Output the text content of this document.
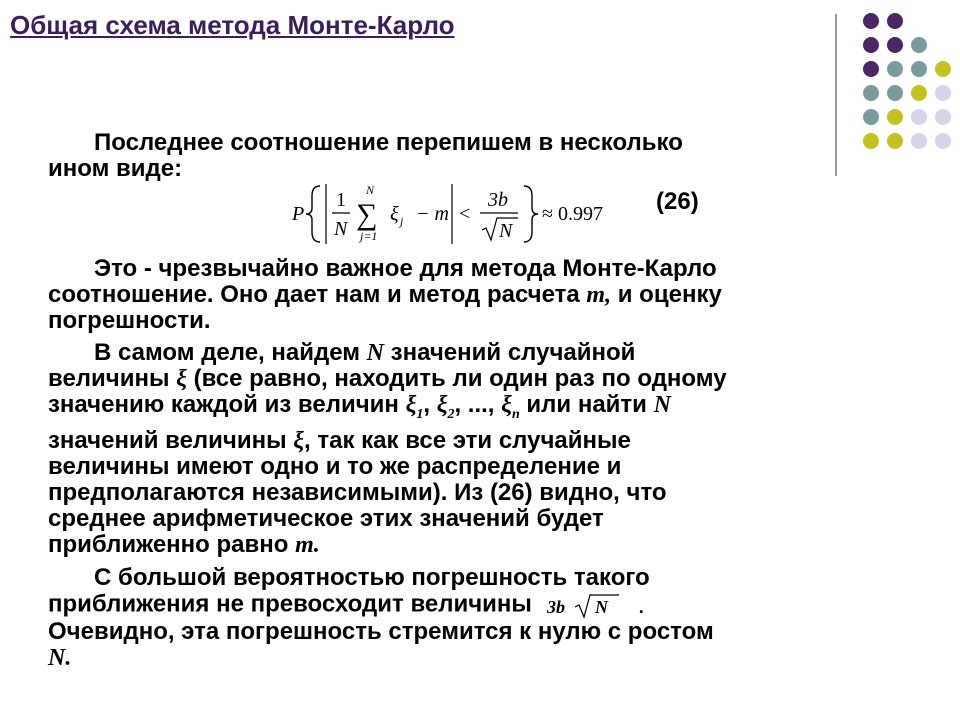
Общая схема метода Монте-Карло
Последнее соотношение перепишем в несколько
ином виде:
P
1
N ∑
N
j=1
ξ j − m <
3b
N
≈ 0.997 (26)
Это - чрезвычайно важное для метода Монте-Карло
соотношение. Оно дает нам и метод расчета m, и оценку
погрешности.
В самом деле, найдем N значений случайной
величины ξ (все равно, находить ли один раз по одному
значению каждой из величин $\xi_1$, $\xi_2$, ..., $\xi_n$ или найти N
значений величины ξ, так как все эти случайные
величины имеют одно и то же распределение и
предполагаются независимыми). Из (26) видно, что
среднее арифметическое этих значений будет
приближенно равно m.
С большой вероятностью погрешность такого
приближения не превосходит величины 3b N .

Очевидно, эта погрешность стремится к нулю с ростом
N.
